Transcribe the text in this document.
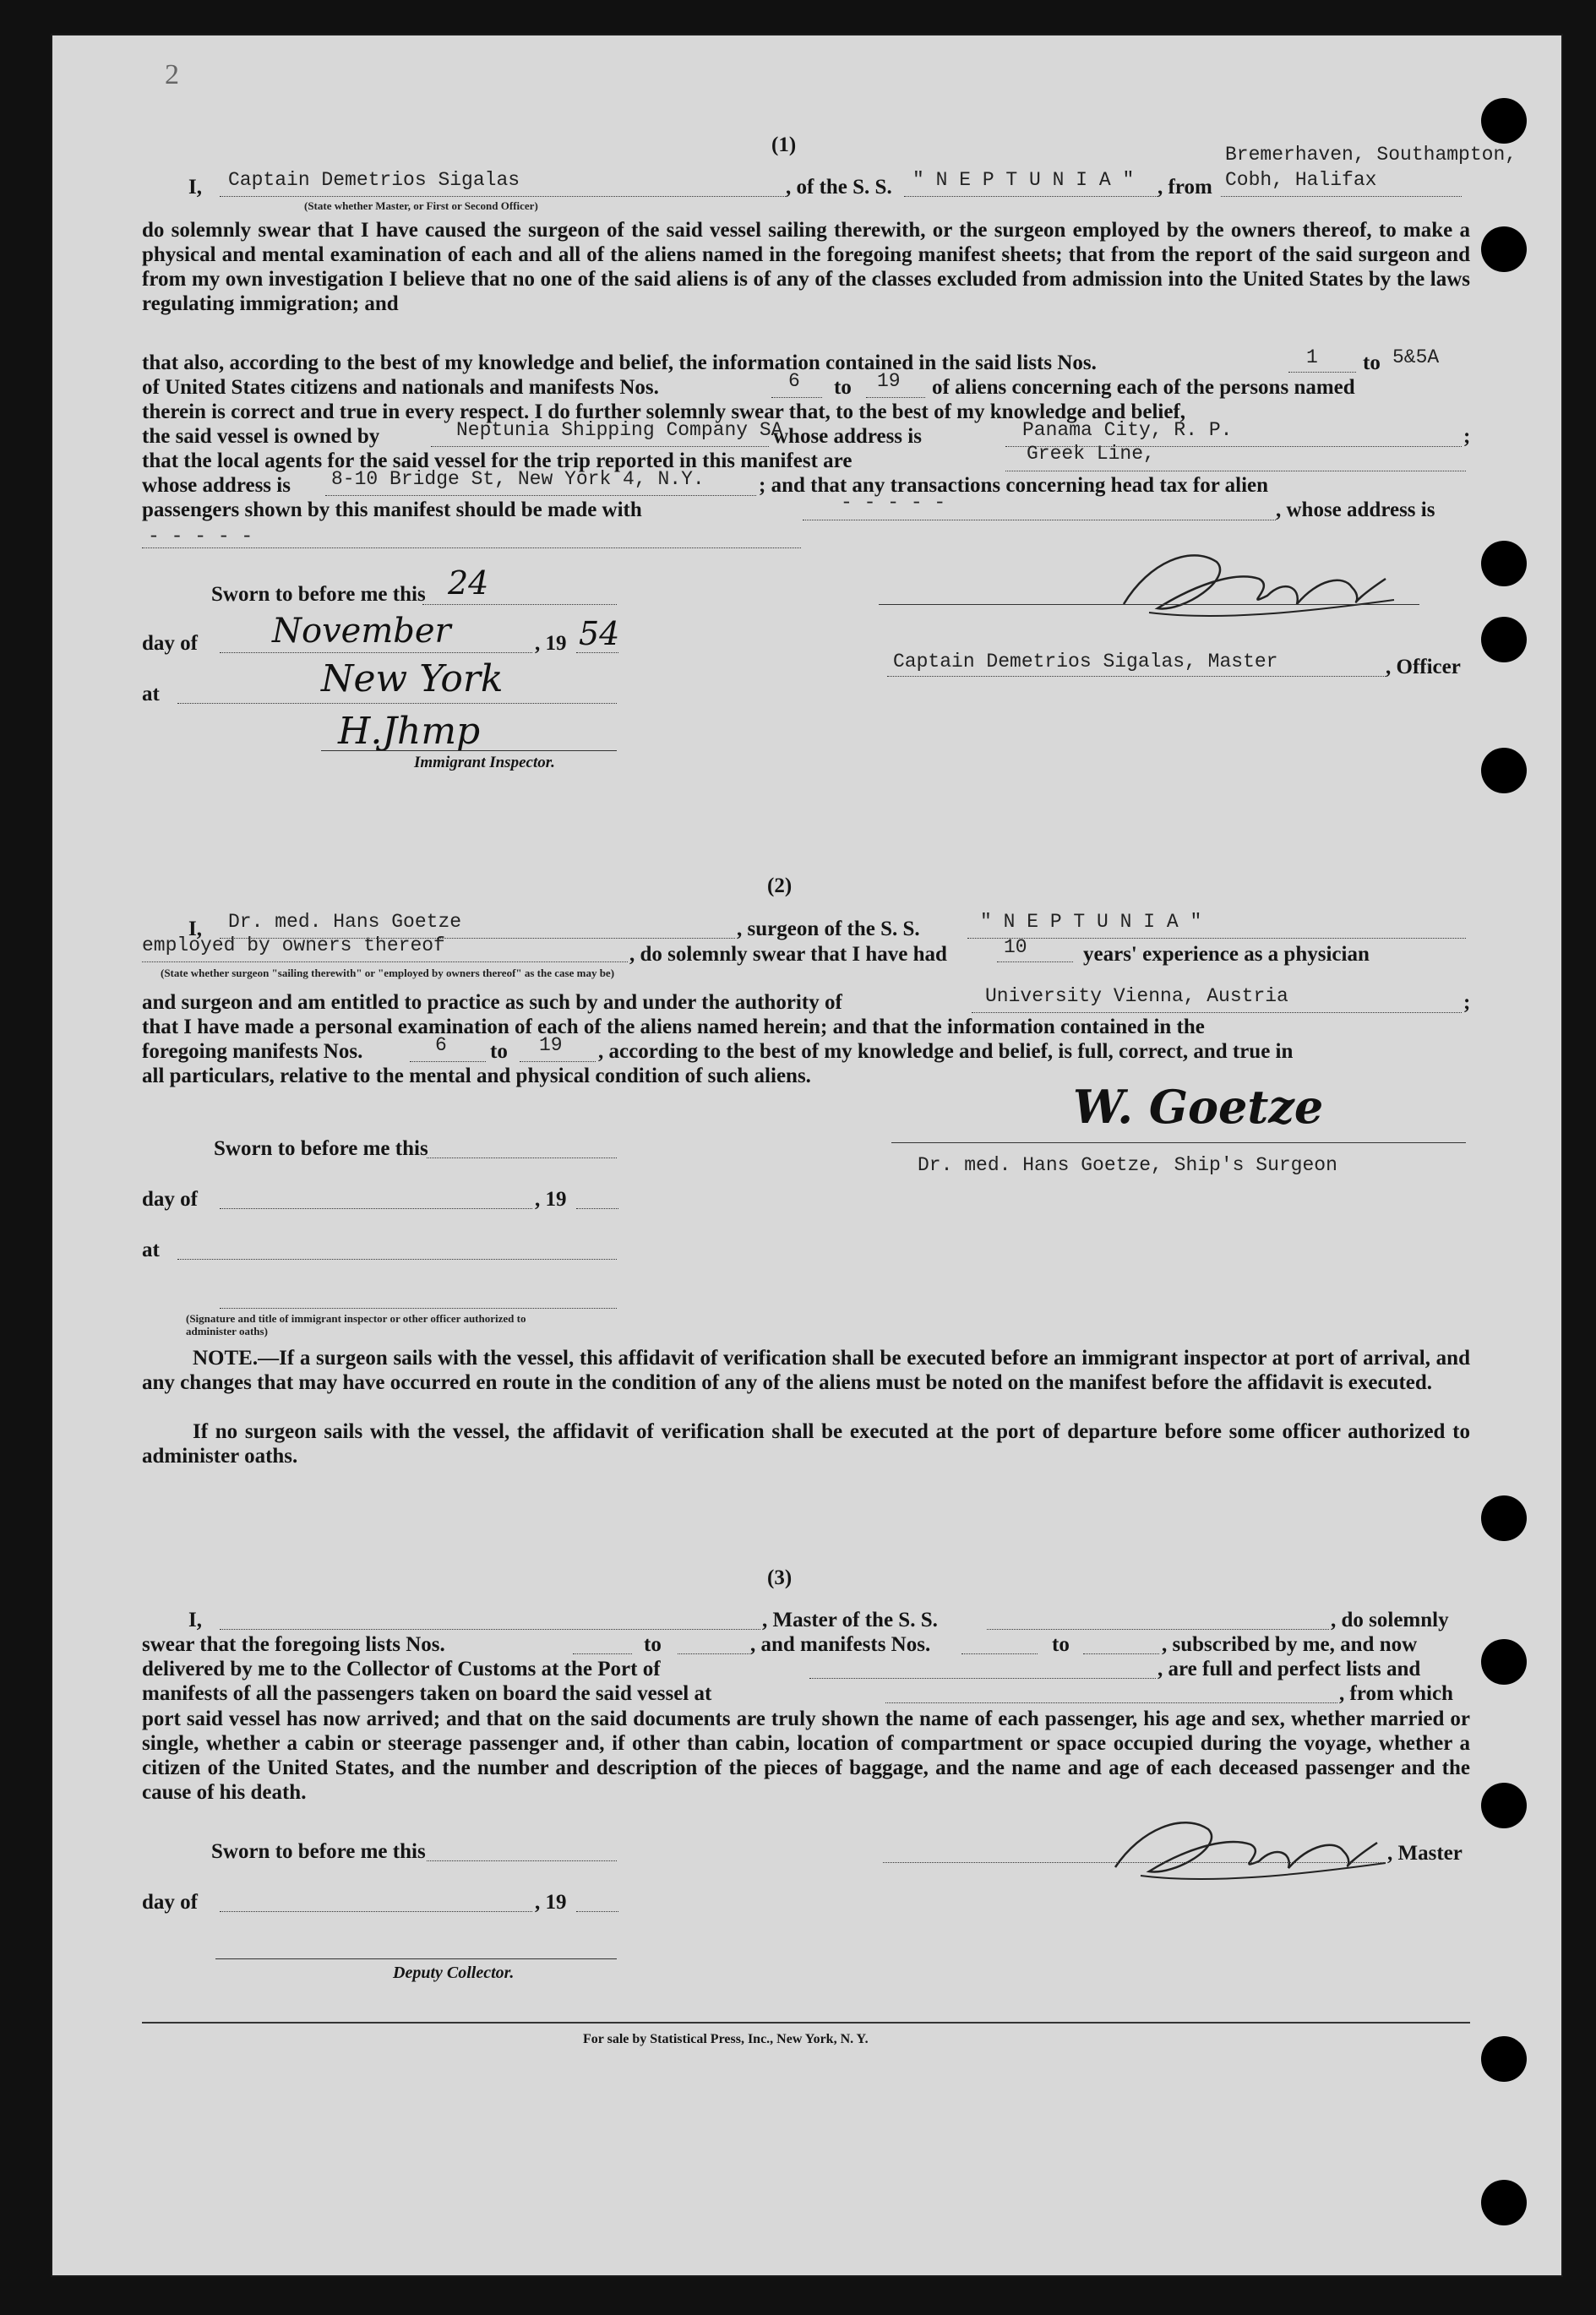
2
(1)	Bremerhaven, Southampton,
I, Captain Demetrios Sigalas
(State whether Master, or First or Second Officer)
, of the S. S. " N E P T U N I A " , from Cobh, Halifax
do solemnly swear that I have caused the surgeon of the said vessel sailing therewith, or the surgeon employed by the owners thereof, to make a physical and mental examination of each and all of the aliens named in the foregoing manifest sheets; that from the report of the said surgeon and from my own investigation I believe that no one of the said aliens is of any of the classes excluded from admission into the United States by the laws regulating immigration; and
that also, according to the best of my knowledge and belief, the information contained in the said lists Nos.	1 to 5&5A
of United States citizens and nationals and manifests Nos.	6 to 19 of aliens concerning each of the persons named
therein is correct and true in every respect. I do further solemnly swear that, to the best of my knowledge and belief,
the said vessel is owned by	Neptunia Shipping Company SA
whose address is	Panama City, R. P.	;
that the local agents for the said vessel for the trip reported in this manifest are	Greek Line,
whose address is 8-10 Bridge St, New York 4, N.Y.	; and that any transactions concerning head tax for alien
passengers shown by this manifest should be made with	- - - - -	, whose address is
- - - - -
Sworn to before me this 24
day of November	, 19 54
at	New York
H.Jhmp
Immigrant Inspector.
Captain Demetrios Sigalas, Master	, Officer
(2)
I, Dr. med. Hans Goetze	, surgeon of the S. S.	" N E P T U N I A "
employed by owners thereof	, do solemnly swear that I have had	10	years' experience as a physician
(State whether surgeon "sailing therewith" or "employed by owners thereof" as the case may be)
and surgeon and am entitled to practice as such by and under the authority of	University Vienna, Austria	;
that I have made a personal examination of each of the aliens named herein; and that the information contained in the
foregoing manifests Nos.	6 to 19 , according to the best of my knowledge and belief, is full, correct, and true in
all particulars, relative to the mental and physical condition of such aliens.
Sworn to before me this
day of	, 19
at
(Signature and title of immigrant inspector or other officer authorized to administer oaths)
W. Goetze
Dr. med. Hans Goetze, Ship's Surgeon
NOTE.—If a surgeon sails with the vessel, this affidavit of verification shall be executed before an immigrant inspector at port of arrival, and any changes that may have occurred en route in the condition of any of the aliens must be noted on the manifest before the affidavit is executed.
If no surgeon sails with the vessel, the affidavit of verification shall be executed at the port of departure before some officer authorized to administer oaths.
(3)
I,	, Master of the S. S.	, do solemnly
swear that the foregoing lists Nos.	to	, and manifests Nos.	to	, subscribed by me, and now
delivered by me to the Collector of Customs at the Port of	, are full and perfect lists and
manifests of all the passengers taken on board the said vessel at	, from which
port said vessel has now arrived; and that on the said documents are truly shown the name of each passenger, his age and sex, whether married or single, whether a cabin or steerage passenger and, if other than cabin, location of compartment or space occupied during the voyage, whether a citizen of the United States, and the number and description of the pieces of baggage, and the name and age of each deceased passenger and the cause of his death.
Sworn to before me this
day of	, 19
Deputy Collector.
, Master
For sale by Statistical Press, Inc., New York, N. Y.
